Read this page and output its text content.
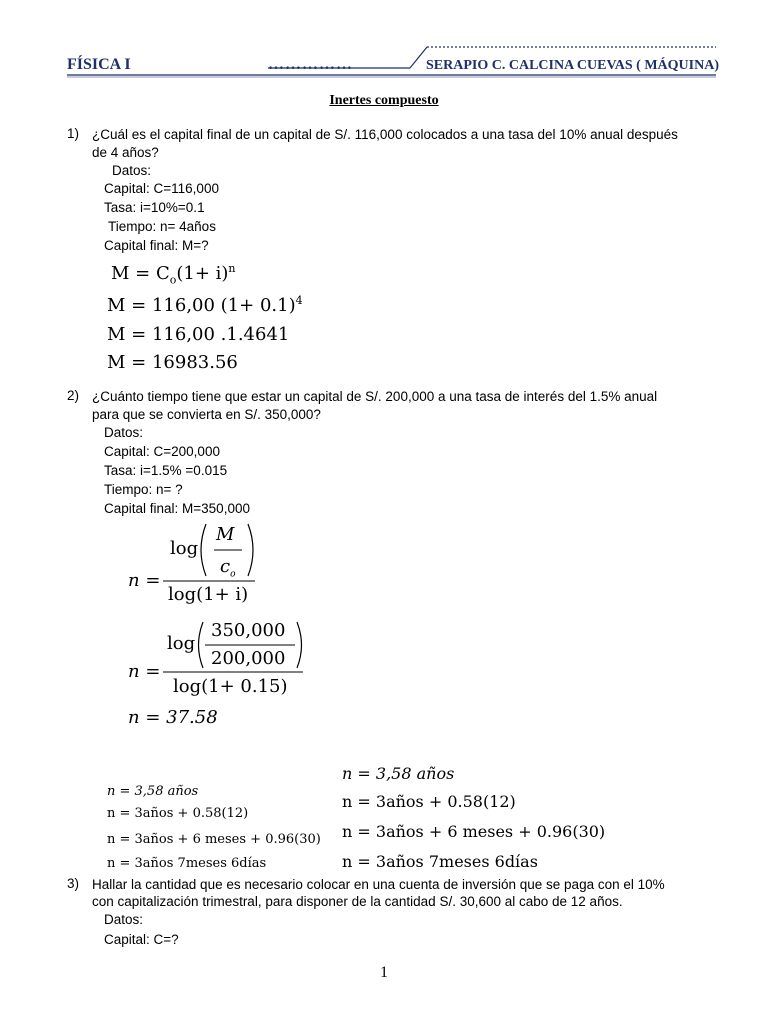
FÍSICA I	……………	SERAPIO C. CALCINA CUEVAS ( MÁQUINA)
Inertes compuesto
1) ¿Cuál es el capital final de un capital de S/. 116,000 colocados a una tasa del 10% anual después
de 4 años?
Datos:
Capital: C=116,000
Tasa: i=10%=0.1
Tiempo: n= 4años
Capital final: M=?
$M = C_o(1+ i)^n$
M = 116,00 $(1+ 0.1)^4$
M = 116,00 .1.4641
M = 16983.56
2) ¿Cuánto tiempo tiene que estar un capital de S/. 200,000 a una tasa de interés del 1.5% anual
para que se convierta en S/. 350,000?
Datos:
Capital: C=200,000
Tasa: i=1.5% =0.015
Tiempo: n= ?
Capital final: M=350,000
n =
log
M
$c_o$
log(1+ i)
n =
log
350,000
200,000
log(1+ 0.15)
n = 37.58
n = 3,58 años
n = 3años + 0.58(12)
n = 3años + 6 meses + 0.96(30)
n = 3años 7meses 6días
n = 3,58 años
n = 3años + 0.58(12)
n = 3años + 6 meses + 0.96(30)
n = 3años 7meses 6días
3) Hallar la cantidad que es necesario colocar en una cuenta de inversión que se paga con el 10%
con capitalización trimestral, para disponer de la cantidad S/. 30,600 al cabo de 12 años.
Datos:
Capital: C=?
1
